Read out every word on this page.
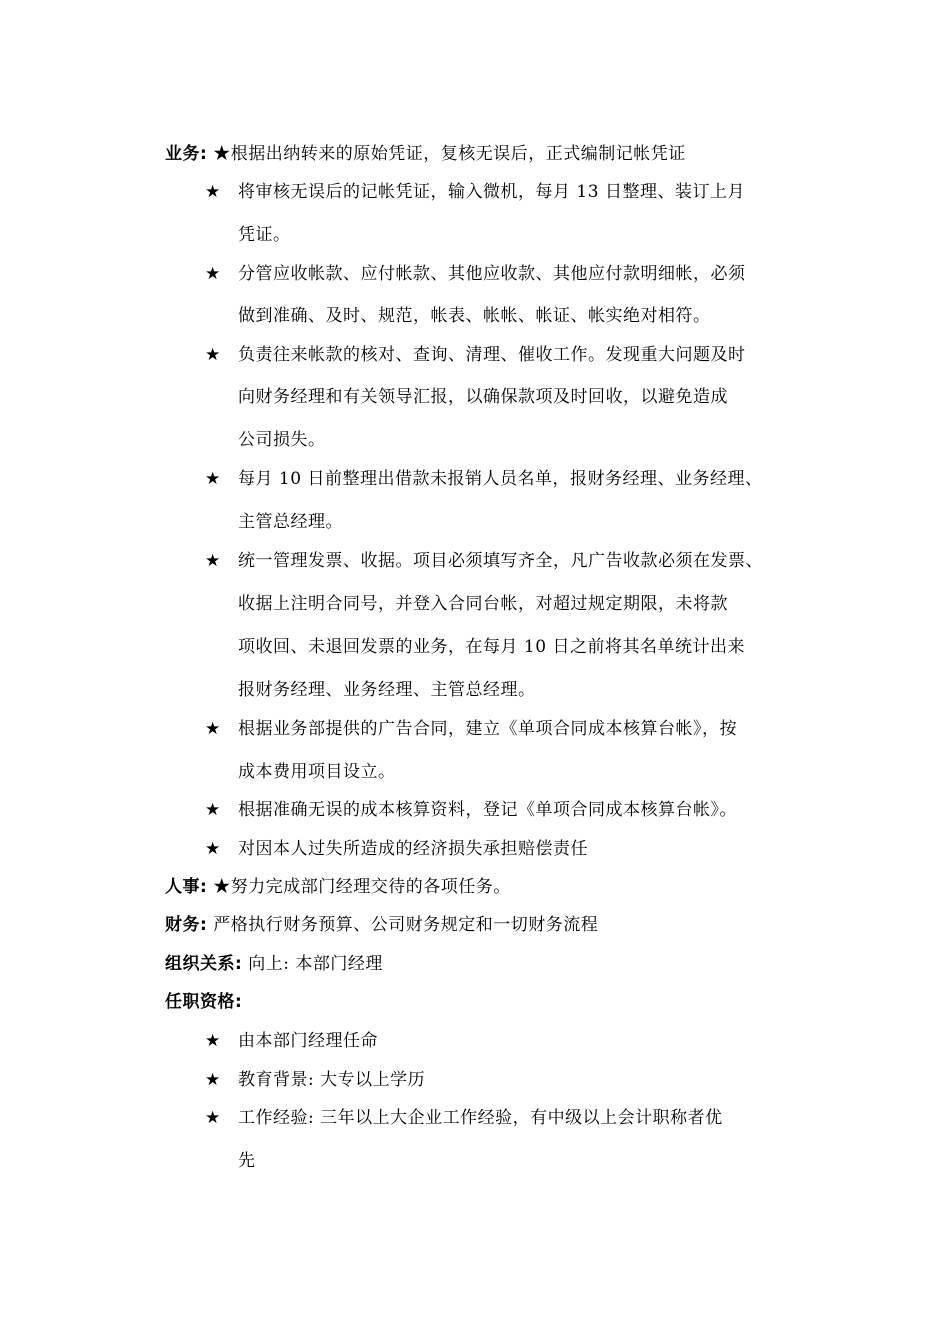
业务: ★根据出纳转来的原始凭证，复核无误后，正式编制记帐凭证
★ 将审核无误后的记帐凭证，输入微机，每月 13 日整理、装订上月
凭证。
★ 分管应收帐款、应付帐款、其他应收款、其他应付款明细帐，必须
做到准确、及时、规范，帐表、帐帐、帐证、帐实绝对相符。
★ 负责往来帐款的核对、查询、清理、催收工作。发现重大问题及时
向财务经理和有关领导汇报，以确保款项及时回收，以避免造成
公司损失。
★ 每月 10 日前整理出借款未报销人员名单，报财务经理、业务经理、
主管总经理。
★ 统一管理发票、收据。项目必须填写齐全，凡广告收款必须在发票、
收据上注明合同号，并登入合同台帐，对超过规定期限，未将款
项收回、未退回发票的业务，在每月 10 日之前将其名单统计出来
报财务经理、业务经理、主管总经理。
★ 根据业务部提供的广告合同，建立《单项合同成本核算台帐》，按
成本费用项目设立。
★ 根据准确无误的成本核算资料，登记《单项合同成本核算台帐》。
★ 对因本人过失所造成的经济损失承担赔偿责任
人事: ★努力完成部门经理交待的各项任务。
财务: 严格执行财务预算、公司财务规定和一切财务流程
组织关系: 向上: 本部门经理
任职资格:
★ 由本部门经理任命
★ 教育背景: 大专以上学历
★ 工作经验: 三年以上大企业工作经验，有中级以上会计职称者优
先
